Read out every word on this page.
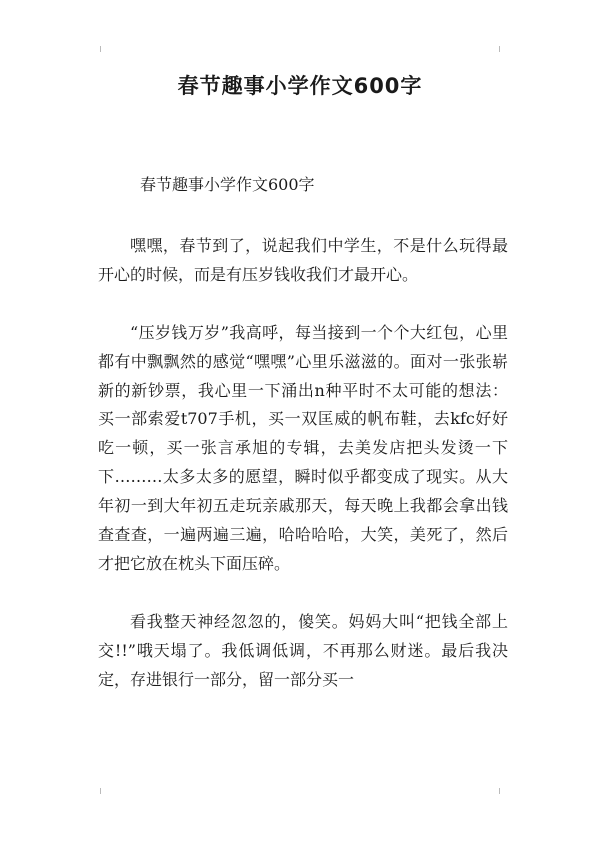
春节趣事小学作文600字
春节趣事小学作文600字

嘿嘿，春节到了，说起我们中学生，不是什么玩得最开心的时候，而是有压岁钱收我们才最开心。

“压岁钱万岁”我高呼，每当接到一个个大红包，心里都有中飘飘然的感觉“嘿嘿”心里乐滋滋的。面对一张张崭新的新钞票，我心里一下涌出n种平时不太可能的想法：买一部索爱t707手机，买一双匡威的帆布鞋，去kfc好好吃一顿，买一张言承旭的专辑，去美发店把头发烫一下下………太多太多的愿望，瞬时似乎都变成了现实。从大年初一到大年初五走玩亲戚那天，每天晚上我都会拿出钱查查查，一遍两遍三遍，哈哈哈哈，大笑，美死了，然后才把它放在枕头下面压碎。

看我整天神经忽忽的，傻笑。妈妈大叫“把钱全部上交!!”哦天塌了。我低调低调，不再那么财迷。最后我决定，存进银行一部分，留一部分买一
